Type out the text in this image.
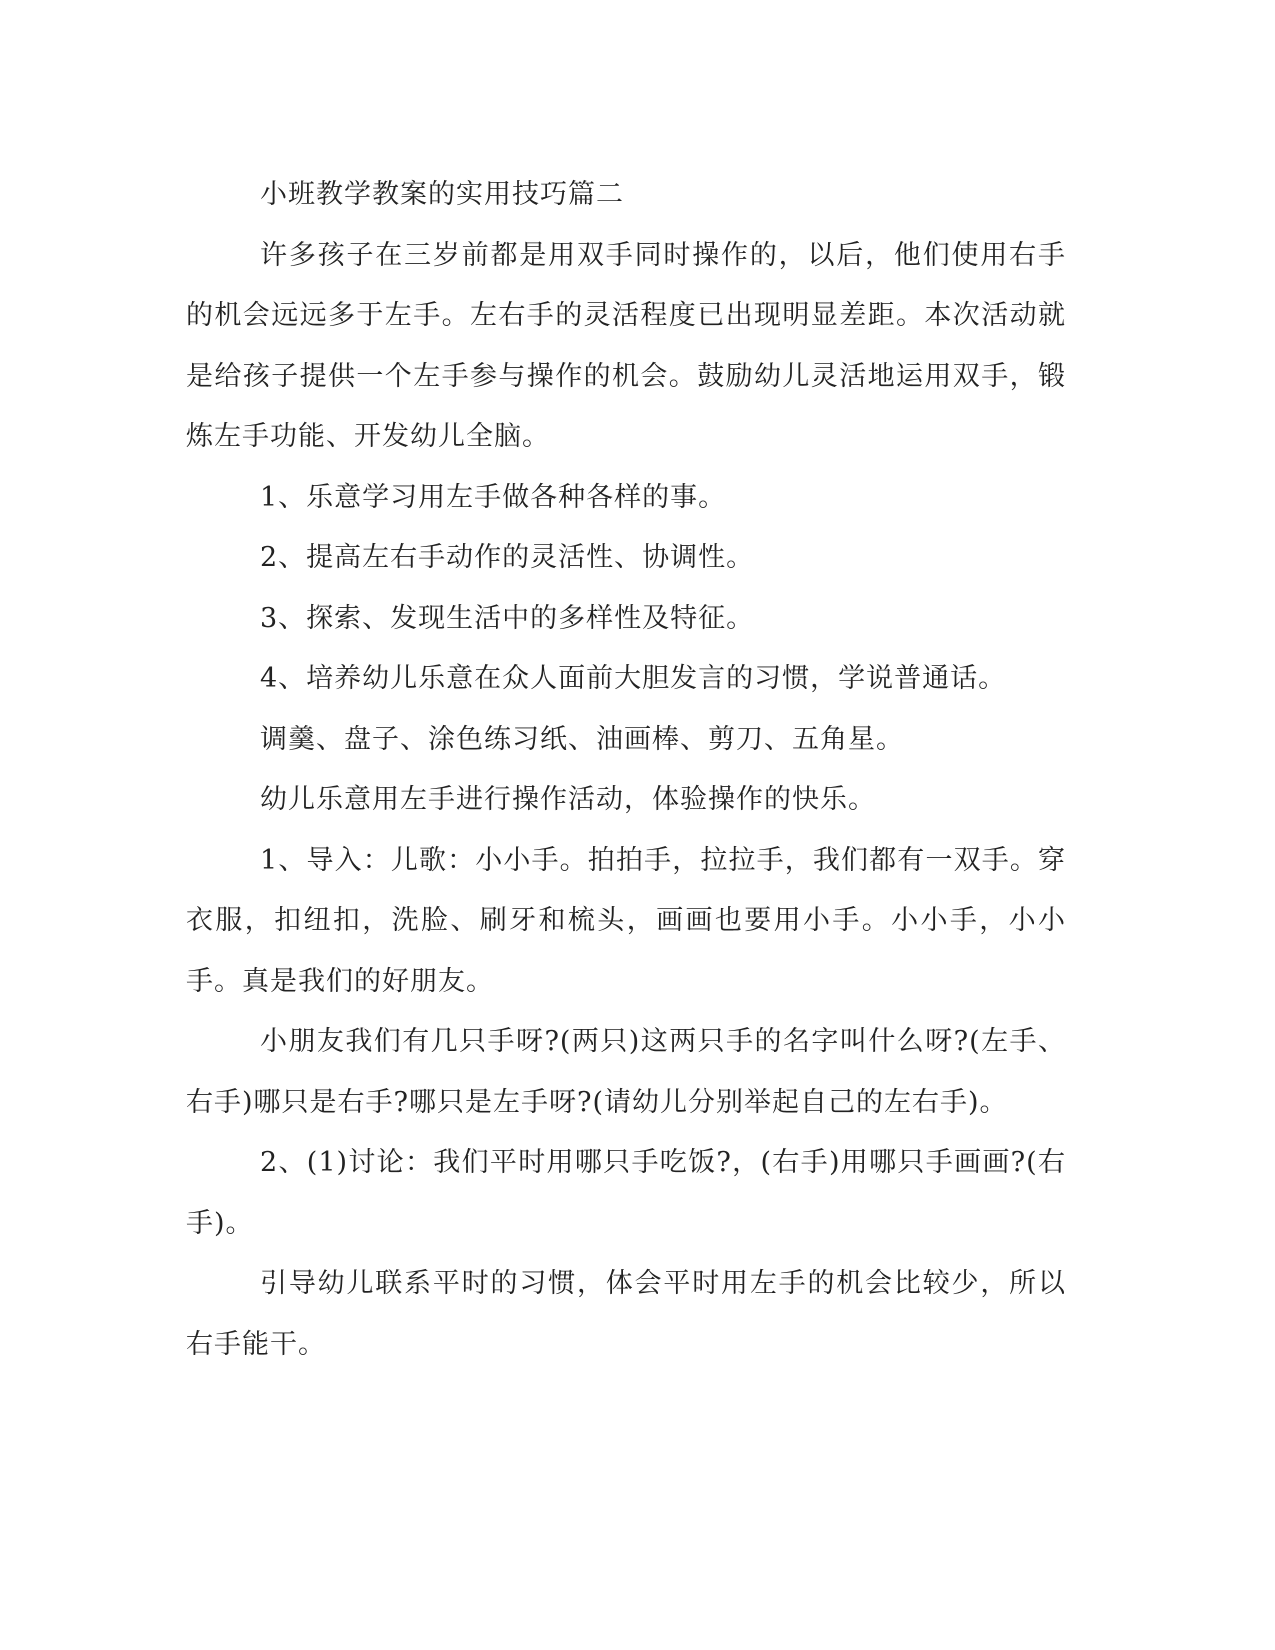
小班教学教案的实用技巧篇二

许多孩子在三岁前都是用双手同时操作的，以后，他们使用右手的机会远远多于左手。左右手的灵活程度已出现明显差距。本次活动就是给孩子提供一个左手参与操作的机会。鼓励幼儿灵活地运用双手，锻炼左手功能、开发幼儿全脑。

1、乐意学习用左手做各种各样的事。

2、提高左右手动作的灵活性、协调性。

3、探索、发现生活中的多样性及特征。

4、培养幼儿乐意在众人面前大胆发言的习惯，学说普通话。

调羹、盘子、涂色练习纸、油画棒、剪刀、五角星。

幼儿乐意用左手进行操作活动，体验操作的快乐。

1、导入：儿歌：小小手。拍拍手，拉拉手，我们都有一双手。穿衣服，扣纽扣，洗脸、刷牙和梳头，画画也要用小手。小小手，小小手。真是我们的好朋友。

小朋友我们有几只手呀?(两只)这两只手的名字叫什么呀?(左手、右手)哪只是右手?哪只是左手呀?(请幼儿分别举起自己的左右手)。

2、(1)讨论：我们平时用哪只手吃饭?，(右手)用哪只手画画?(右手)。

引导幼儿联系平时的习惯，体会平时用左手的机会比较少，所以右手能干。
